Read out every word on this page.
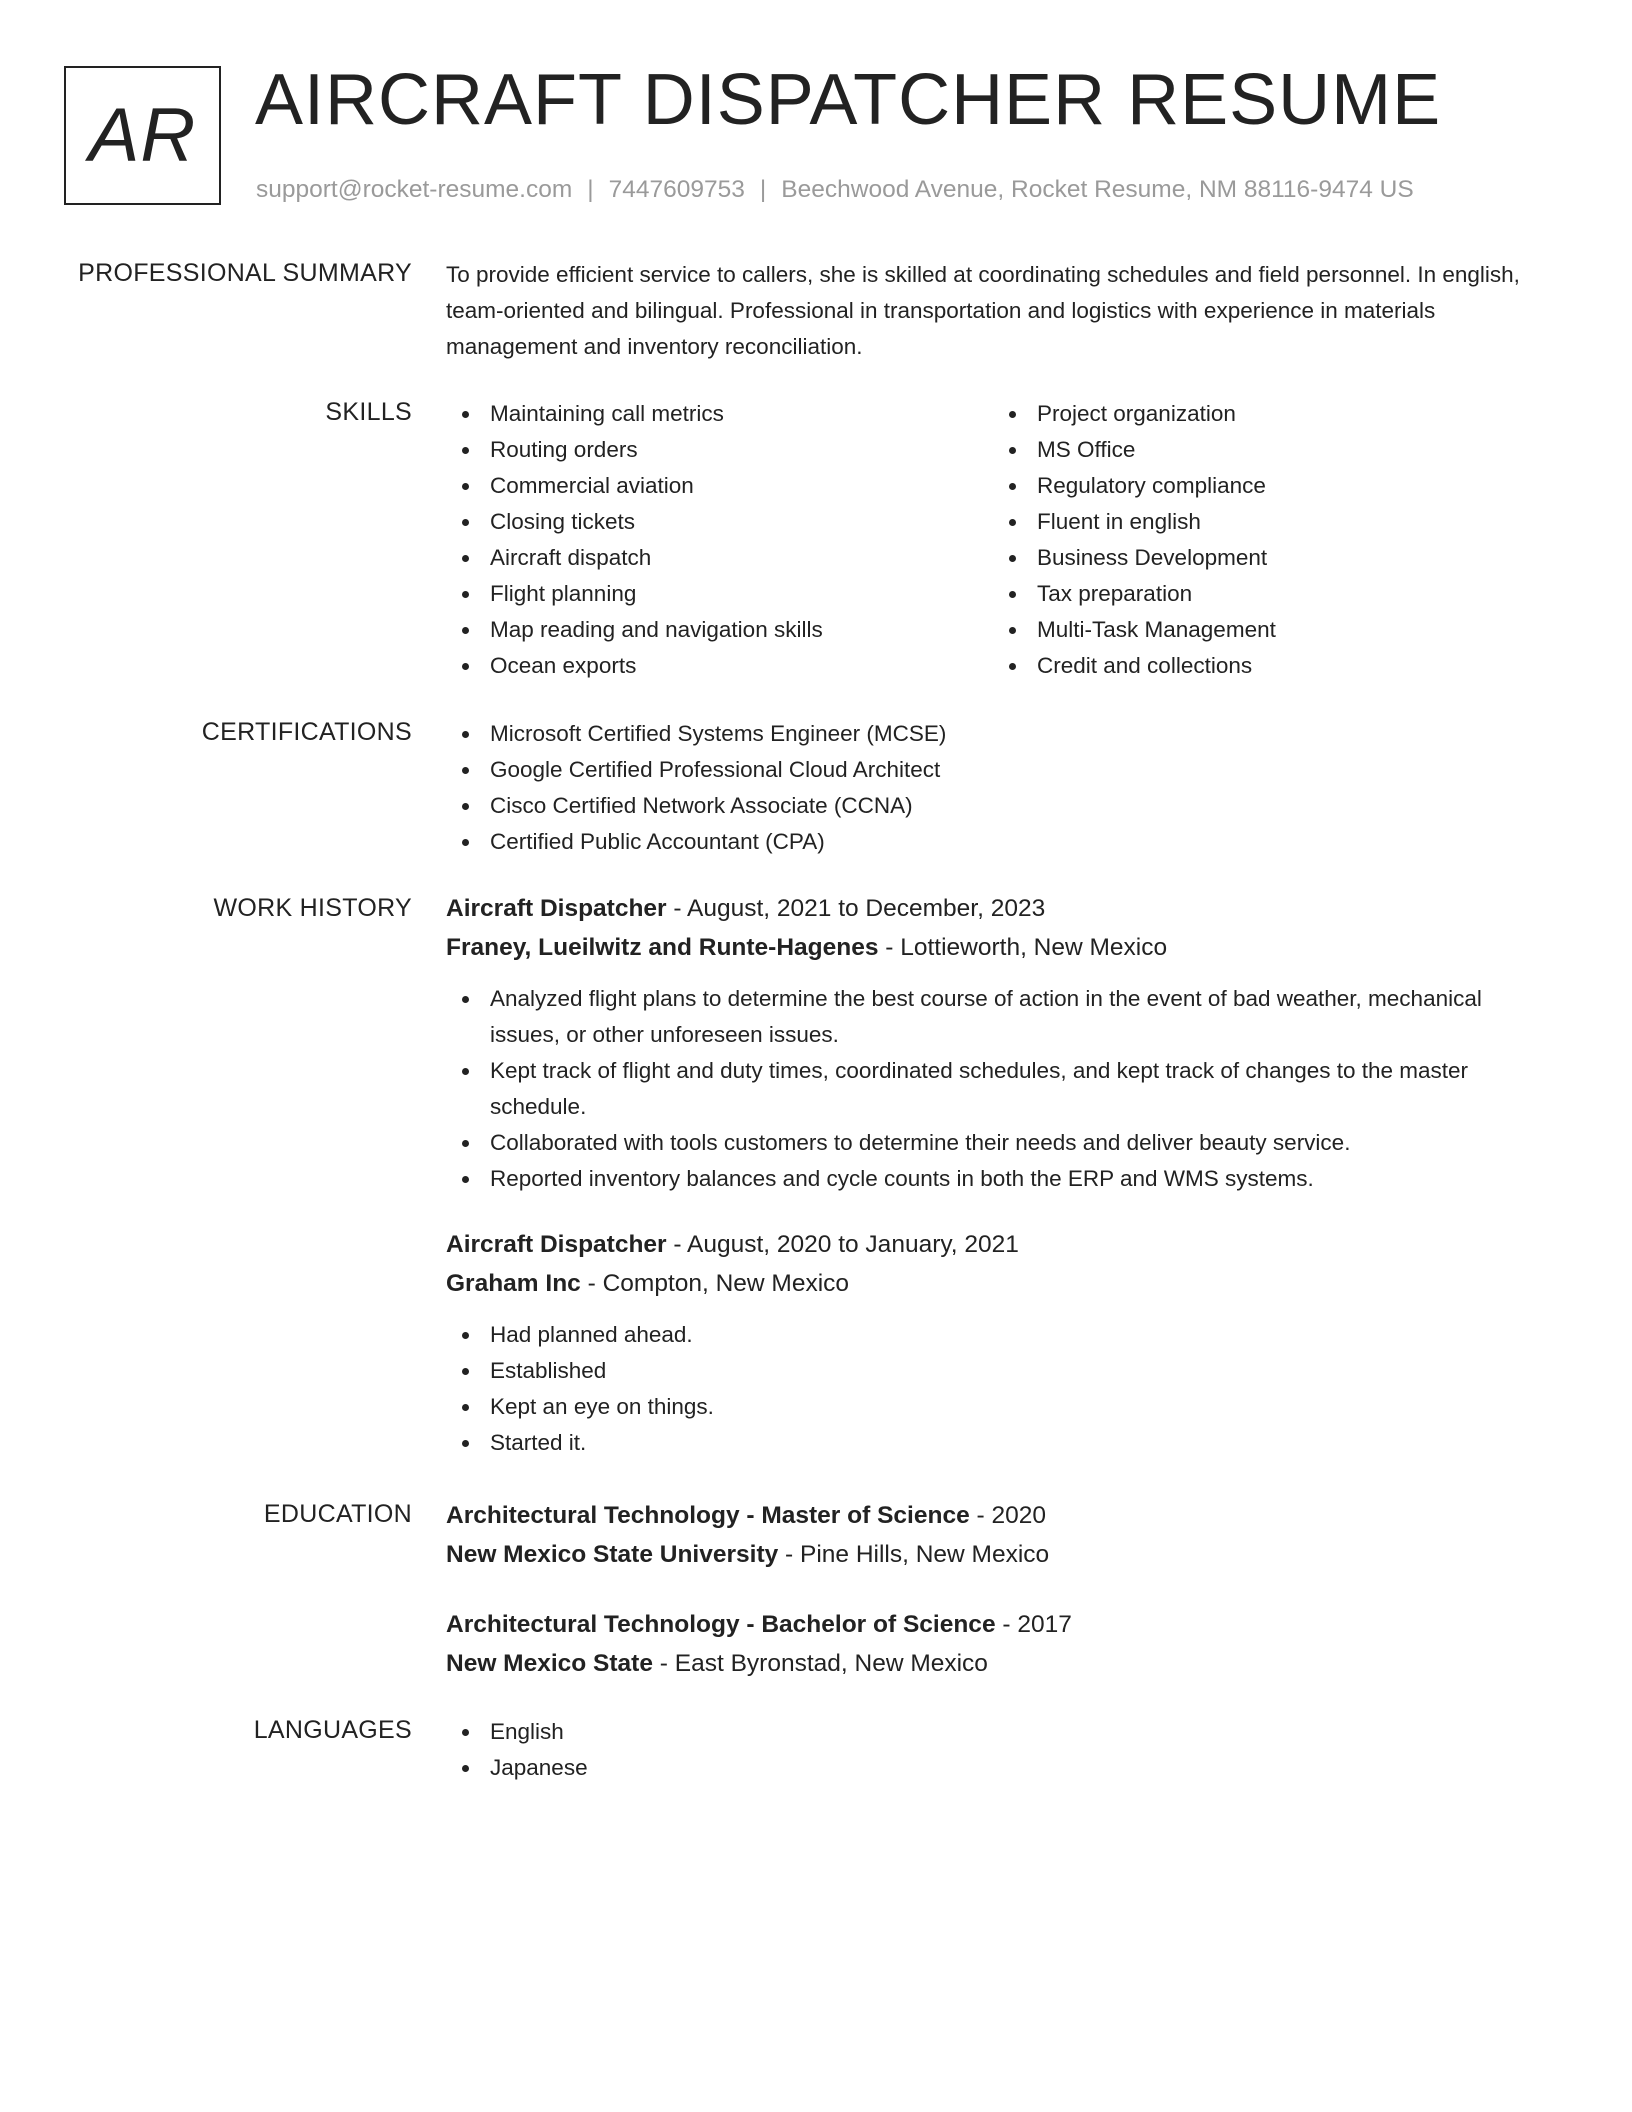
AR AIRCRAFT DISPATCHER RESUME
support@rocket-resume.com | 7447609753 | Beechwood Avenue, Rocket Resume, NM 88116-9474 US
PROFESSIONAL SUMMARY To provide efficient service to callers, she is skilled at coordinating schedules and field personnel. In english, team-oriented and bilingual. Professional in transportation and logistics with experience in materials management and inventory reconciliation.

SKILLS	Maintaining call metrics
Routing orders
Commercial aviation
Closing tickets
Aircraft dispatch
Flight planning
Map reading and navigation skills
Ocean exports
Project organization
MS Office
Regulatory compliance
Fluent in english
Business Development
Tax preparation
Multi-Task Management
Credit and collections
CERTIFICATIONS	Microsoft Certified Systems Engineer (MCSE)
Google Certified Professional Cloud Architect
Cisco Certified Network Associate (CCNA)
Certified Public Accountant (CPA)
WORK HISTORY Aircraft Dispatcher - August, 2021 to December, 2023
Franey, Lueilwitz and Runte-Hagenes - Lottieworth, New Mexico
Analyzed flight plans to determine the best course of action in the event of bad weather, mechanical issues, or other unforeseen issues.
Kept track of flight and duty times, coordinated schedules, and kept track of changes to the master schedule.
Collaborated with tools customers to determine their needs and deliver beauty service.
Reported inventory balances and cycle counts in both the ERP and WMS systems.
Aircraft Dispatcher - August, 2020 to January, 2021
Graham Inc - Compton, New Mexico
Had planned ahead.
Established
Kept an eye on things.
Started it.
EDUCATION Architectural Technology - Master of Science - 2020
New Mexico State University - Pine Hills, New Mexico
Architectural Technology - Bachelor of Science - 2017
New Mexico State - East Byronstad, New Mexico
LANGUAGES	English
Japanese
